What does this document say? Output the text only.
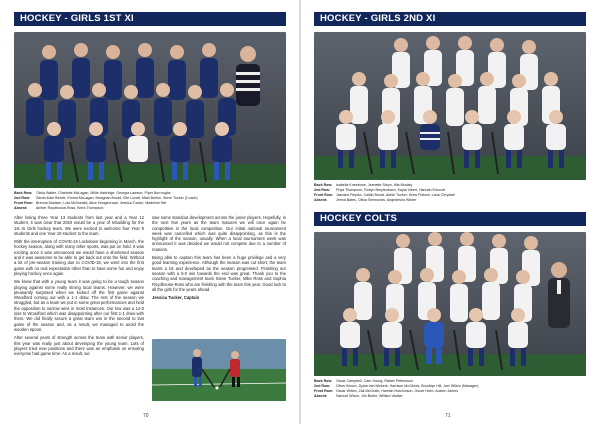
HOCKEY - GIRLS 1ST XI
Back Row: Olivia Walter, Charlotte McLagan, Millie Hartridge, Georgia Lawson, Piper Burroughs
2nd Row: Sarah-Kate Birkett, Emma McLagan, Meaghan Broad, Elle Lovatt, Miah Bolton, Steve Tucker (Coach)
Front Row: Brenna Madsen, Lola McDonald, Alice Hoogenraad, Jessica Tucker, Madeline Nel
Absent: Amber Roydhouse-Ross, Kiera Thompson

After losing three Year 13 students from last year and a Year 12 student, it was clear that 2020 would be a year of rebuilding for the 1st XI Girls hockey team. We were excited to welcome four Year 9 students and one Year 10 student to the team.

With the interruption of COVID-19 Lockdown beginning in March, the hockey season, along with many other sports, was put on hold. It was exciting once it was announced we would have a shortened season and it was awesome to be able to get back out onto the field. Without a lot of pre-season training due to COVID-19, we went into the first game with no real expectation other than to have some fun and enjoy playing hockey once again.

We knew that with a young team it was going to be a tough season playing against some really strong local teams. However, we were pleasantly surprised when we kicked off the first game against Woodford coming out with a 1-1 draw. The rest of the season we struggled, but as a team we put in some great performances and held the opposition to narrow wins in most instances. Our low was a 12-0 loss to Woodford which was disappointing after our first 1-1 draw with them. We did finally secure a great team win in the second to last game of the season and, as a result, we managed to avoid the wooden spoon.

After several years of strength across the team with senior players, this year was really just about developing the young team. Lots of players tried new positions and there was an emphasis on ensuring everyone had game time. As a result, we

saw some standout development across the junior players. Hopefully, in the next few years as the team matures we will once again be competitive in the local competition. Our initial national tournament week was cancelled which was quite disappointing, as this is the highlight of the season, usually. When a local tournament week was announced it was decided we would not compete due to a number of reasons.

Being able to captain this team has been a huge privilege and a very good learning experience. Although the season was cut short, the team learnt a lot and developed as the season progressed. Finishing our season with a 5-0 win towards the end was great. Thank you to the coaching and management team Steve Tucker, Mike Ross and Sophia Roydhouse-Ross who are finishing with the team this year. Good luck to all the girls for the years ahead.

Jessica Tucker, Captain

70
HOCKEY - GIRLS 2ND XI
Back Row: Isabella Kneebone, Jeanette Steyn, Mia Mudaly
2nd Row: Priya Thompson, Robyn Breytenbach, Kayla Vibert, Hannah Edcourt
Front Row: Jasmine Repiso, Caitlin Broad, Abbie Tucker, Drew Pollock, Lana Chrystall
Absent: Jenna Bates, Olivia Simmonds, Angedesha Winter
HOCKEY COLTS
Back Row: Oscar Campbell, Cam Young, Rafael Pettersson
2nd Row: Oliver Brown, Dylan van Niekerk, Harrison McGinnis, Brooklyn Hill, Joel Wilton (Manager)
Front Row: Oscar Wilton, Zak McGrath, Hamish Hutchinson, Oscar Holm, Austen James
Absent: Samuel Wixon, Jim Butler, William Vautier
71
